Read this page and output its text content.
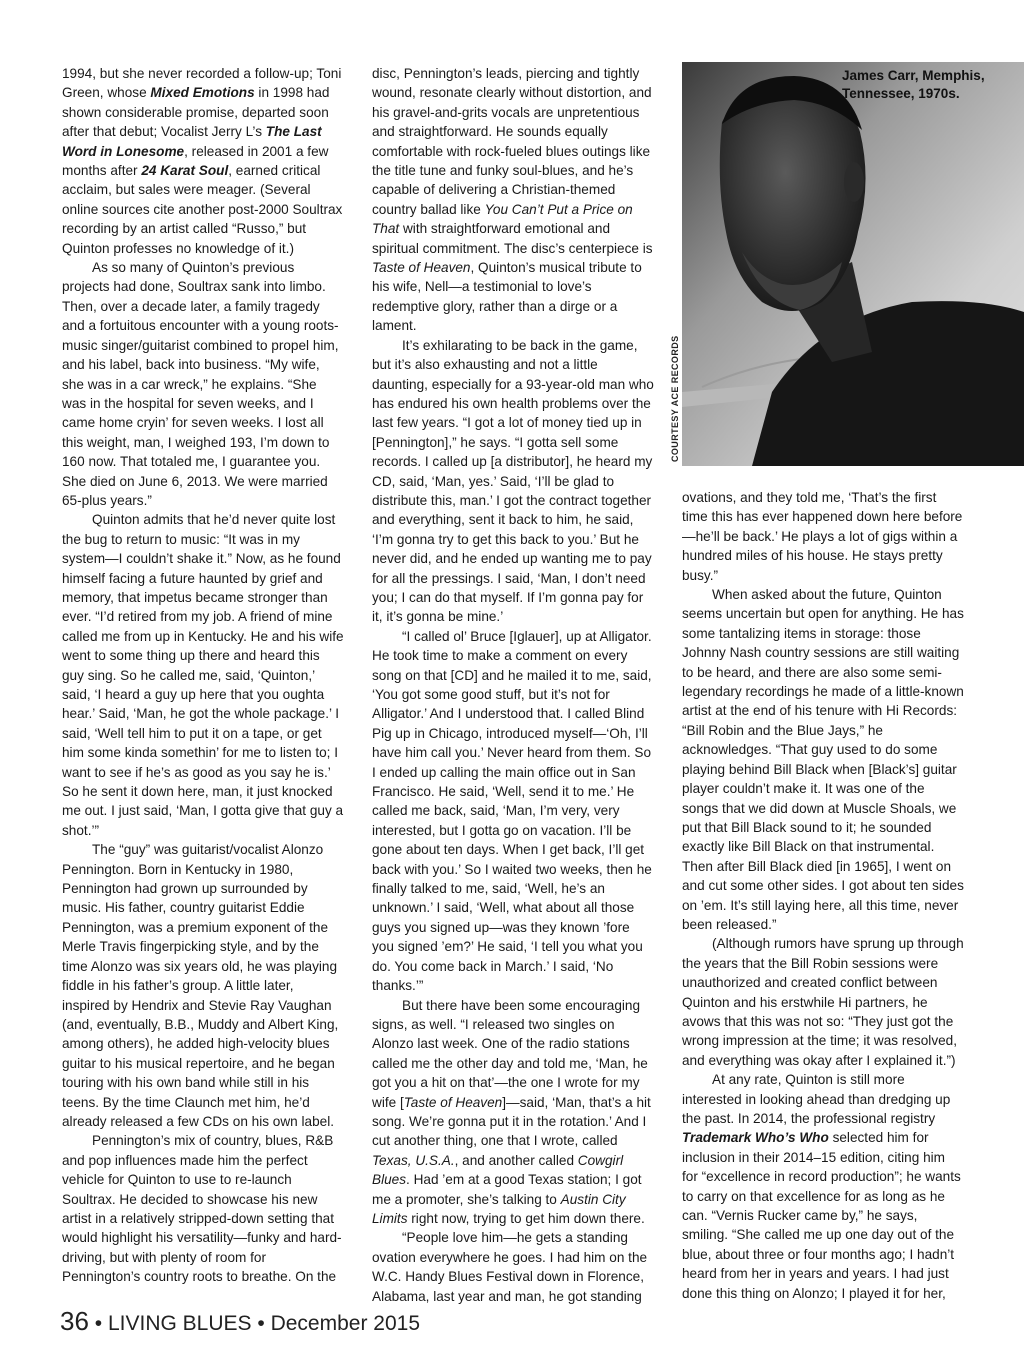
1994, but she never recorded a follow-up; Toni Green, whose Mixed Emotions in 1998 had shown considerable promise, departed soon after that debut; Vocalist Jerry L’s The Last Word in Lonesome, released in 2001 a few months after 24 Karat Soul, earned critical acclaim, but sales were meager. (Several online sources cite another post-2000 Soultrax recording by an artist called “Russo,” but Quinton professes no knowledge of it.)

As so many of Quinton’s previous projects had done, Soultrax sank into limbo. Then, over a decade later, a family tragedy and a fortuitous encounter with a young roots-music singer/guitarist combined to propel him, and his label, back into business. “My wife, she was in a car wreck,” he explains. “She was in the hospital for seven weeks, and I came home cryin’ for seven weeks. I lost all this weight, man, I weighed 193, I’m down to 160 now. That totaled me, I guarantee you. She died on June 6, 2013. We were married 65-plus years.”

Quinton admits that he’d never quite lost the bug to return to music: “It was in my system—I couldn’t shake it.” Now, as he found himself facing a future haunted by grief and memory, that impetus became stronger than ever. “I’d retired from my job. A friend of mine called me from up in Kentucky. He and his wife went to some thing up there and heard this guy sing. So he called me, said, ‘Quinton,’ said, ‘I heard a guy up here that you oughta hear.’ Said, ‘Man, he got the whole package.’ I said, ‘Well tell him to put it on a tape, or get him some kinda somethin’ for me to listen to; I want to see if he’s as good as you say he is.’ So he sent it down here, man, it just knocked me out. I just said, ‘Man, I gotta give that guy a shot.’”

The “guy” was guitarist/vocalist Alonzo Pennington. Born in Kentucky in 1980, Pennington had grown up surrounded by music. His father, country guitarist Eddie Pennington, was a premium exponent of the Merle Travis fingerpicking style, and by the time Alonzo was six years old, he was playing fiddle in his father’s group. A little later, inspired by Hendrix and Stevie Ray Vaughan (and, eventually, B.B., Muddy and Albert King, among others), he added high-velocity blues guitar to his musical repertoire, and he began touring with his own band while still in his teens. By the time Claunch met him, he’d already released a few CDs on his own label.

Pennington’s mix of country, blues, R&B and pop influences made him the perfect vehicle for Quinton to use to re-launch Soultrax. He decided to showcase his new artist in a relatively stripped-down setting that would highlight his versatility—funky and hard-driving, but with plenty of room for Pennington’s country roots to breathe. On the

disc, Pennington’s leads, piercing and tightly wound, resonate clearly without distortion, and his gravel-and-grits vocals are unpretentious and straightforward. He sounds equally comfortable with rock-fueled blues outings like the title tune and funky soul-blues, and he’s capable of delivering a Christian-themed country ballad like You Can’t Put a Price on That with straightforward emotional and spiritual commitment. The disc’s centerpiece is Taste of Heaven, Quinton’s musical tribute to his wife, Nell—a testimonial to love’s redemptive glory, rather than a dirge or a lament.

It’s exhilarating to be back in the game, but it’s also exhausting and not a little daunting, especially for a 93-year-old man who has endured his own health problems over the last few years. “I got a lot of money tied up in [Pennington],” he says. “I gotta sell some records. I called up [a distributor], he heard my CD, said, ‘Man, yes.’ Said, ‘I’ll be glad to distribute this, man.’ I got the contract together and everything, sent it back to him, he said, ‘I’m gonna try to get this back to you.’ But he never did, and he ended up wanting me to pay for all the pressings. I said, ‘Man, I don’t need you; I can do that myself. If I’m gonna pay for it, it’s gonna be mine.’

“I called ol’ Bruce [Iglauer], up at Alligator. He took time to make a comment on every song on that [CD] and he mailed it to me, said, ‘You got some good stuff, but it’s not for Alligator.’ And I understood that. I called Blind Pig up in Chicago, introduced myself—‘Oh, I’ll have him call you.’ Never heard from them. So I ended up calling the main office out in San Francisco. He said, ‘Well, send it to me.’ He called me back, said, ‘Man, I’m very, very interested, but I gotta go on vacation. I’ll be gone about ten days. When I get back, I’ll get back with you.’ So I waited two weeks, then he finally talked to me, said, ‘Well, he’s an unknown.’ I said, ‘Well, what about all those guys you signed up—was they known ’fore you signed ’em?’ He said, ‘I tell you what you do. You come back in March.’ I said, ‘No thanks.’”

But there have been some encouraging signs, as well. “I released two singles on Alonzo last week. One of the radio stations called me the other day and told me, ‘Man, he got you a hit on that’—the one I wrote for my wife [Taste of Heaven]—said, ‘Man, that’s a hit song. We’re gonna put it in the rotation.’ And I cut another thing, one that I wrote, called Texas, U.S.A., and another called Cowgirl Blues. Had ’em at a good Texas station; I got me a promoter, she’s talking to Austin City Limits right now, trying to get him down there.

“People love him—he gets a standing ovation everywhere he goes. I had him on the W.C. Handy Blues Festival down in Florence, Alabama, last year and man, he got standing

James Carr, Memphis, Tennessee, 1970s.
COURTESY ACE RECORDS

ovations, and they told me, ‘That’s the first time this has ever happened down here before—he’ll be back.’ He plays a lot of gigs within a hundred miles of his house. He stays pretty busy.”

When asked about the future, Quinton seems uncertain but open for anything. He has some tantalizing items in storage: those Johnny Nash country sessions are still waiting to be heard, and there are also some semi-legendary recordings he made of a little-known artist at the end of his tenure with Hi Records: “Bill Robin and the Blue Jays,” he acknowledges. “That guy used to do some playing behind Bill Black when [Black’s] guitar player couldn’t make it. It was one of the songs that we did down at Muscle Shoals, we put that Bill Black sound to it; he sounded exactly like Bill Black on that instrumental. Then after Bill Black died [in 1965], I went on and cut some other sides. I got about ten sides on ’em. It’s still laying here, all this time, never been released.”

(Although rumors have sprung up through the years that the Bill Robin sessions were unauthorized and created conflict between Quinton and his erstwhile Hi partners, he avows that this was not so: “They just got the wrong impression at the time; it was resolved, and everything was okay after I explained it.”)

At any rate, Quinton is still more interested in looking ahead than dredging up the past. In 2014, the professional registry Trademark Who’s Who selected him for inclusion in their 2014–15 edition, citing him for “excellence in record production”; he wants to carry on that excellence for as long as he can. “Vernis Rucker came by,” he says, smiling. “She called me up one day out of the blue, about three or four months ago; I hadn’t heard from her in years and years. I had just done this thing on Alonzo; I played it for her,

36 • LIVING BLUES • December 2015
